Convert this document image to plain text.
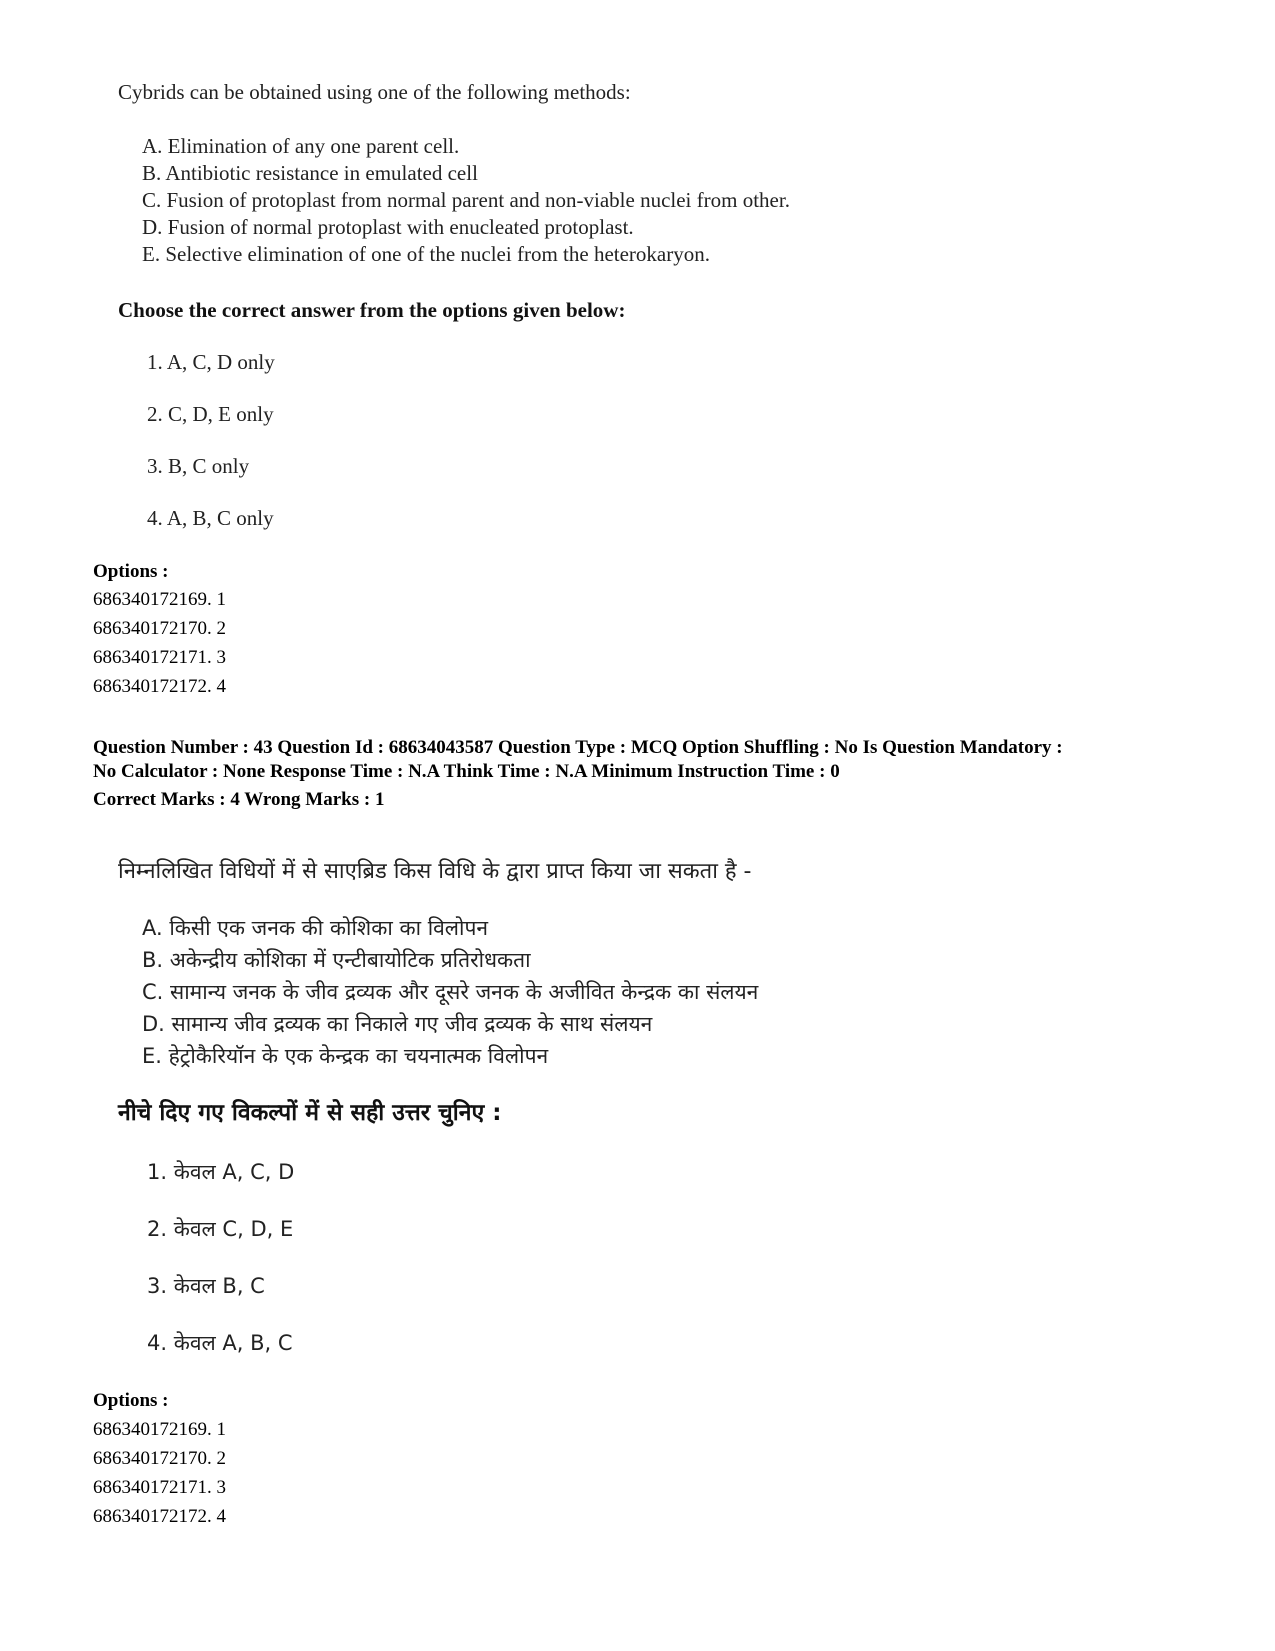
Cybrids can be obtained using one of the following methods:
A. Elimination of any one parent cell.
B. Antibiotic resistance in emulated cell
C. Fusion of protoplast from normal parent and non-viable nuclei from other.
D. Fusion of normal protoplast with enucleated protoplast.
E. Selective elimination of one of the nuclei from the heterokaryon.
Choose the correct answer from the options given below:
1. A, C, D only
2. C, D, E only
3. B, C only
4. A, B, C only
Options :
686340172169. 1
686340172170. 2
686340172171. 3
686340172172. 4
Question Number : 43 Question Id : 68634043587 Question Type : MCQ Option Shuffling : No Is Question Mandatory :
No Calculator : None Response Time : N.A Think Time : N.A Minimum Instruction Time : 0
Correct Marks : 4 Wrong Marks : 1
निम्नलिखित विधियों में से साएब्रिड किस विधि के द्वारा प्राप्त किया जा सकता है -
A. किसी एक जनक की कोशिका का विलोपन
B. अकेन्द्रीय कोशिका में एन्टीबायोटिक प्रतिरोधकता
C. सामान्य जनक के जीव द्रव्यक और दूसरे जनक के अजीवित केन्द्रक का संलयन
D. सामान्य जीव द्रव्यक का निकाले गए जीव द्रव्यक के साथ संलयन
E. हेट्रोकैरियॉन के एक केन्द्रक का चयनात्मक विलोपन
नीचे दिए गए विकल्पों में से सही उत्तर चुनिए :
1. केवल A, C, D
2. केवल C, D, E
3. केवल B, C
4. केवल A, B, C
Options :
686340172169. 1
686340172170. 2
686340172171. 3
686340172172. 4
